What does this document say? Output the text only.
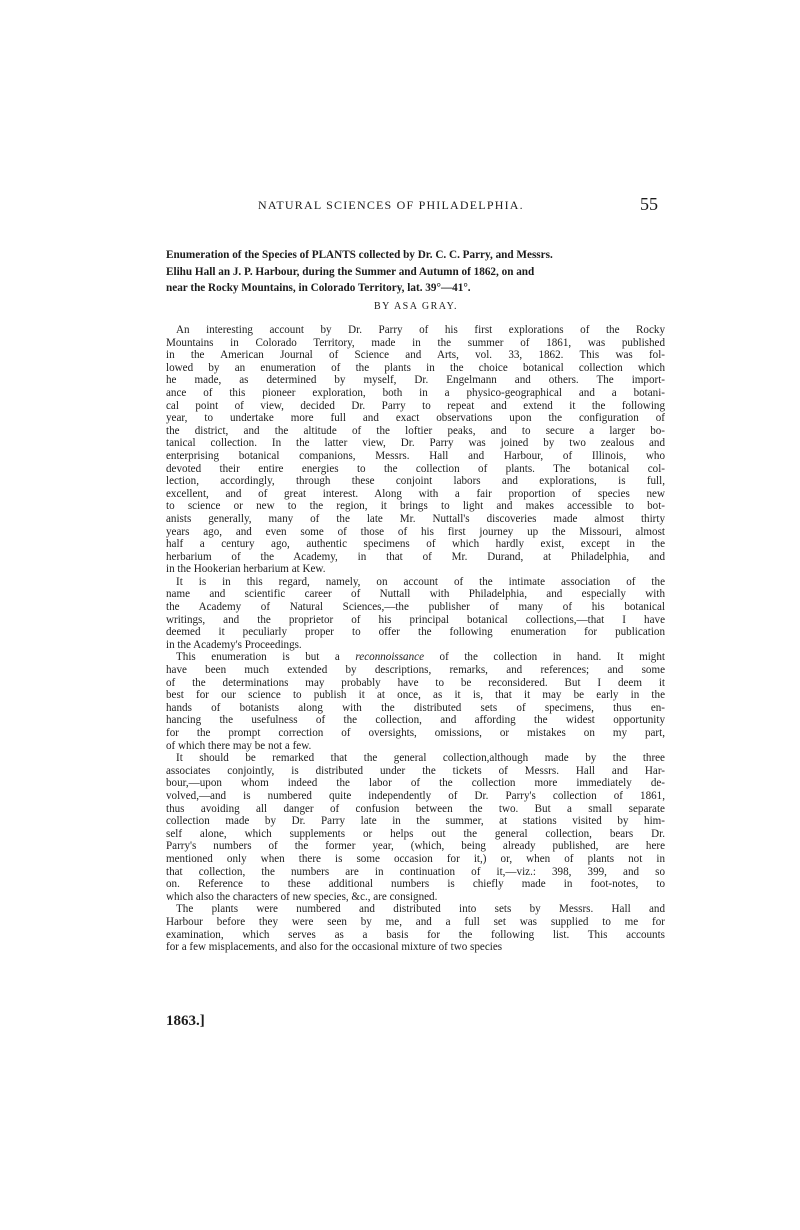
NATURAL SCIENCES OF PHILADELPHIA.	55
Enumeration of the Species of PLANTS collected by Dr. C. C. Parry, and Messrs.
Elihu Hall an J. P. Harbour, during the Summer and Autumn of 1862, on and
near the Rocky Mountains, in Colorado Territory, lat. 39°—41°.
BY ASA GRAY.
An interesting account by Dr. Parry of his first explorations of the Rocky
Mountains in Colorado Territory, made in the summer of 1861, was published
in the American Journal of Science and Arts, vol. 33, 1862. This was fol-
lowed by an enumeration of the plants in the choice botanical collection which
he made, as determined by myself, Dr. Engelmann and others. The import-
ance of this pioneer exploration, both in a physico-geographical and a botani-
cal point of view, decided Dr. Parry to repeat and extend it the following
year, to undertake more full and exact observations upon the configuration of
the district, and the altitude of the loftier peaks, and to secure a larger bo-
tanical collection. In the latter view, Dr. Parry was joined by two zealous and
enterprising botanical companions, Messrs. Hall and Harbour, of Illinois, who
devoted their entire energies to the collection of plants. The botanical col-
lection, accordingly, through these conjoint labors and explorations, is full,
excellent, and of great interest. Along with a fair proportion of species new
to science or new to the region, it brings to light and makes accessible to bot-
anists generally, many of the late Mr. Nuttall's discoveries made almost thirty
years ago, and even some of those of his first journey up the Missouri, almost
half a century ago, authentic specimens of which hardly exist, except in the
herbarium of the Academy, in that of Mr. Durand, at Philadelphia, and
in the Hookerian herbarium at Kew.
It is in this regard, namely, on account of the intimate association of the
name and scientific career of Nuttall with Philadelphia, and especially with
the Academy of Natural Sciences,—the publisher of many of his botanical
writings, and the proprietor of his principal botanical collections,—that I have
deemed it peculiarly proper to offer the following enumeration for publication
in the Academy's Proceedings.
This enumeration is but a reconnoissance of the collection in hand. It might
have been much extended by descriptions, remarks, and references; and some
of the determinations may probably have to be reconsidered. But I deem it
best for our science to publish it at once, as it is, that it may be early in the
hands of botanists along with the distributed sets of specimens, thus en-
hancing the usefulness of the collection, and affording the widest opportunity
for the prompt correction of oversights, omissions, or mistakes on my part,
of which there may be not a few.
It should be remarked that the general collection,although made by the three
associates conjointly, is distributed under the tickets of Messrs. Hall and Har-
bour,—upon whom indeed the labor of the collection more immediately de-
volved,—and is numbered quite independently of Dr. Parry's collection of 1861,
thus avoiding all danger of confusion between the two. But a small separate
collection made by Dr. Parry late in the summer, at stations visited by him-
self alone, which supplements or helps out the general collection, bears Dr.
Parry's numbers of the former year, (which, being already published, are here
mentioned only when there is some occasion for it,) or, when of plants not in
that collection, the numbers are in continuation of it,—viz.: 398, 399, and so
on. Reference to these additional numbers is chiefly made in foot-notes, to
which also the characters of new species, &c., are consigned.
The plants were numbered and distributed into sets by Messrs. Hall and
Harbour before they were seen by me, and a full set was supplied to me for
examination, which serves as a basis for the following list. This accounts
for a few misplacements, and also for the occasional mixture of two species
1863.]
